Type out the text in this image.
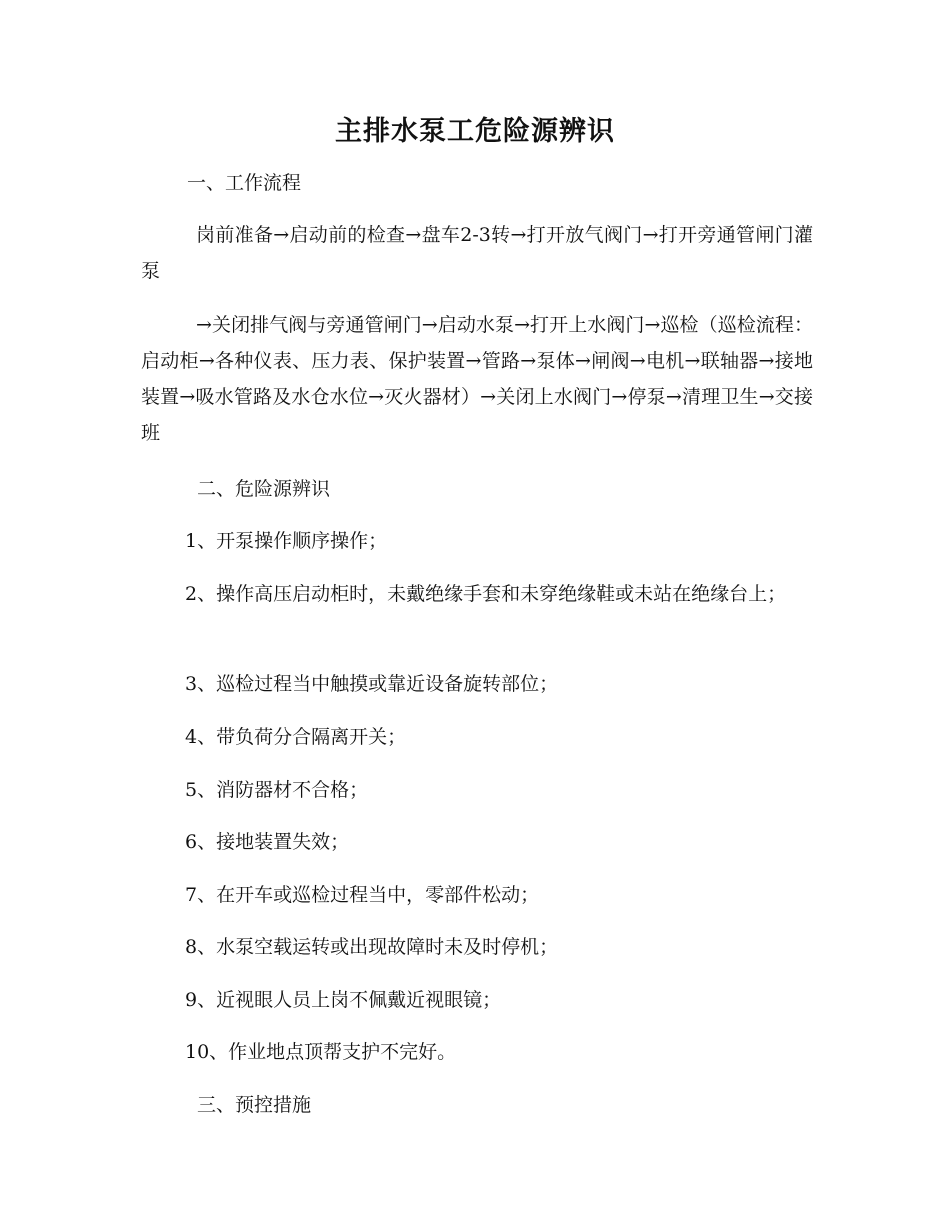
主排水泵工危险源辨识

一、工作流程

岗前准备→启动前的检查→盘车2-3转→打开放气阀门→打开旁通管闸门灌泵

→关闭排气阀与旁通管闸门→启动水泵→打开上水阀门→巡检（巡检流程：启动柜→各种仪表、压力表、保护装置→管路→泵体→闸阀→电机→联轴器→接地装置→吸水管路及水仓水位→灭火器材）→关闭上水阀门→停泵→清理卫生→交接班

二、危险源辨识

1、开泵操作顺序操作；

2、操作高压启动柜时，未戴绝缘手套和未穿绝缘鞋或未站在绝缘台上；

3、巡检过程当中触摸或靠近设备旋转部位；

4、带负荷分合隔离开关；

5、消防器材不合格；

6、接地装置失效；

7、在开车或巡检过程当中，零部件松动；

8、水泵空载运转或出现故障时未及时停机；

9、近视眼人员上岗不佩戴近视眼镜；

10、作业地点顶帮支护不完好。

三、预控措施
